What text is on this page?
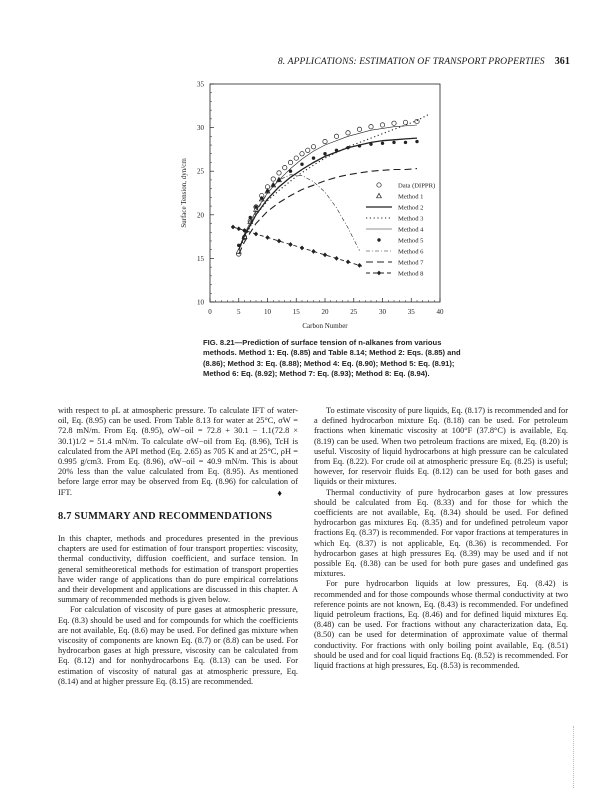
8. APPLICATIONS: ESTIMATION OF TRANSPORT PROPERTIES 361
0	5	10	15	20	25	30	35	40
10
15
20
25
30
35
Carbon Number
Surface Tension, dyn/cm	Data (DIPPR)
Method 1
Method 2
Method 3
Method 4
Method 5
Method 6
Method 7
Method 8
FIG. 8.21—Prediction of surface tension of n-alkanes from various methods. Method 1: Eq. (8.85) and Table 8.14; Method 2: Eqs. (8.85) and (8.86); Method 3: Eq. (8.88); Method 4: Eq. (8.90); Method 5: Eq. (8.91); Method 6: Eq. (8.92); Method 7: Eq. (8.93); Method 8: Eq. (8.94).

with respect to ρL at atmospheric pressure. To calculate IFT of water-oil, Eq. (8.95) can be used. From Table 8.13 for water at 25°C, σW = 72.8 mN/m. From Eq. (8.95), σW−oil = 72.8 + 30.1 − 1.1(72.8 × 30.1)1/2 = 51.4 mN/m. To calculate σW−oil from Eq. (8.96), TcH is calculated from the API method (Eq. 2.65) as 705 K and at 25°C, ρH = 0.995 g/cm3. From Eq. (8.96), σW−oil = 40.9 mN/m. This is about 20% less than the value calculated from Eq. (8.95). As mentioned before large error may be observed from Eq. (8.96) for calculation of IFT.	♦

8.7 SUMMARY AND RECOMMENDATIONS

In this chapter, methods and procedures presented in the previous chapters are used for estimation of four transport properties: viscosity, thermal conductivity, diffusion coefficient, and surface tension. In general semitheoretical methods for estimation of transport properties have wider range of applications than do pure empirical correlations and their development and applications are discussed in this chapter. A summary of recommended methods is given below.

For calculation of viscosity of pure gases at atmospheric pressure, Eq. (8.3) should be used and for compounds for which the coefficients are not available, Eq. (8.6) may be used. For defined gas mixture when viscosity of components are known Eq. (8.7) or (8.8) can be used. For hydrocarbon gases at high pressure, viscosity can be calculated from Eq. (8.12) and for nonhydrocarbons Eq. (8.13) can be used. For estimation of viscosity of natural gas at atmospheric pressure, Eq. (8.14) and at higher pressure Eq. (8.15) are recommended.

To estimate viscosity of pure liquids, Eq. (8.17) is recommended and for a defined hydrocarbon mixture Eq. (8.18) can be used. For petroleum fractions when kinematic viscosity at 100°F (37.8°C) is available, Eq. (8.19) can be used. When two petroleum fractions are mixed, Eq. (8.20) is useful. Viscosity of liquid hydrocarbons at high pressure can be calculated from Eq. (8.22). For crude oil at atmospheric pressure Eq. (8.25) is useful; however, for reservoir fluids Eq. (8.12) can be used for both gases and liquids or their mixtures.

Thermal conductivity of pure hydrocarbon gases at low pressures should be calculated from Eq. (8.33) and for those for which the coefficients are not available, Eq. (8.34) should be used. For defined hydrocarbon gas mixtures Eq. (8.35) and for undefined petroleum vapor fractions Eq. (8.37) is recommended. For vapor fractions at temperatures in which Eq. (8.37) is not applicable, Eq. (8.36) is recommended. For hydrocarbon gases at high pressures Eq. (8.39) may be used and if not possible Eq. (8.38) can be used for both pure gases and undefined gas mixtures.

For pure hydrocarbon liquids at low pressures, Eq. (8.42) is recommended and for those compounds whose thermal conductivity at two reference points are not known, Eq. (8.43) is recommended. For undefined liquid petroleum fractions, Eq. (8.46) and for defined liquid mixtures Eq. (8.48) can be used. For fractions without any characterization data, Eq. (8.50) can be used for determination of approximate value of thermal conductivity. For fractions with only boiling point available, Eq. (8.51) should be used and for coal liquid fractions Eq. (8.52) is recommended. For liquid fractions at high pressures, Eq. (8.53) is recommended.
